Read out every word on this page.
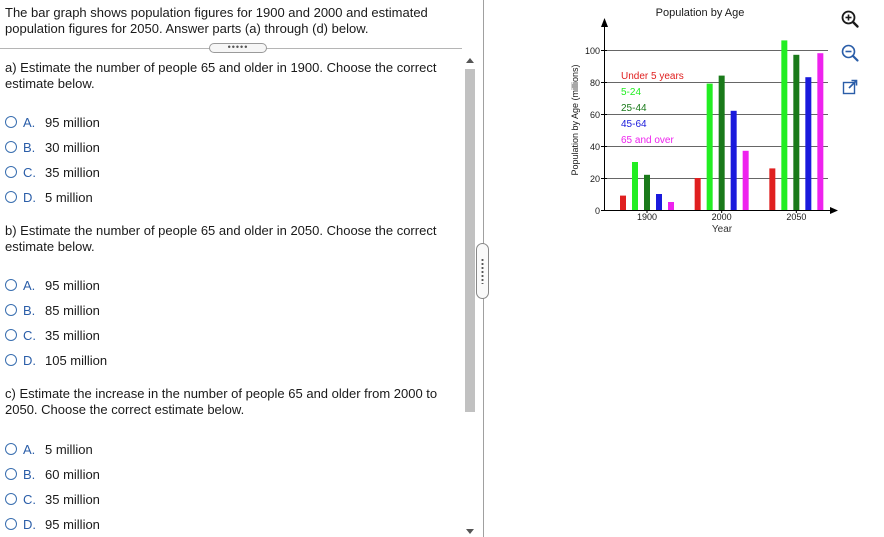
The bar graph shows population figures for 1900 and 2000 and estimated population figures for 2050. Answer parts (a) through (d) below.
•••••
a) Estimate the number of people 65 and older in 1900. Choose the correct estimate below.
A. 95 million
B. 30 million
C. 35 million
D. 5 million
b) Estimate the number of people 65 and older in 2050. Choose the correct estimate below.
A. 95 million
B. 85 million
C. 35 million
D. 105 million
c) Estimate the increase in the number of people 65 and older from 2000 to 2050. Choose the correct estimate below.
A. 5 million
B. 60 million
C. 35 million
D. 95 million
0
20
40
60
80
100
1900	2000	2050
Under 5 years
5-24
25-44
45-64
65 and over
Population by Age
Year
Population by Age (millions)
